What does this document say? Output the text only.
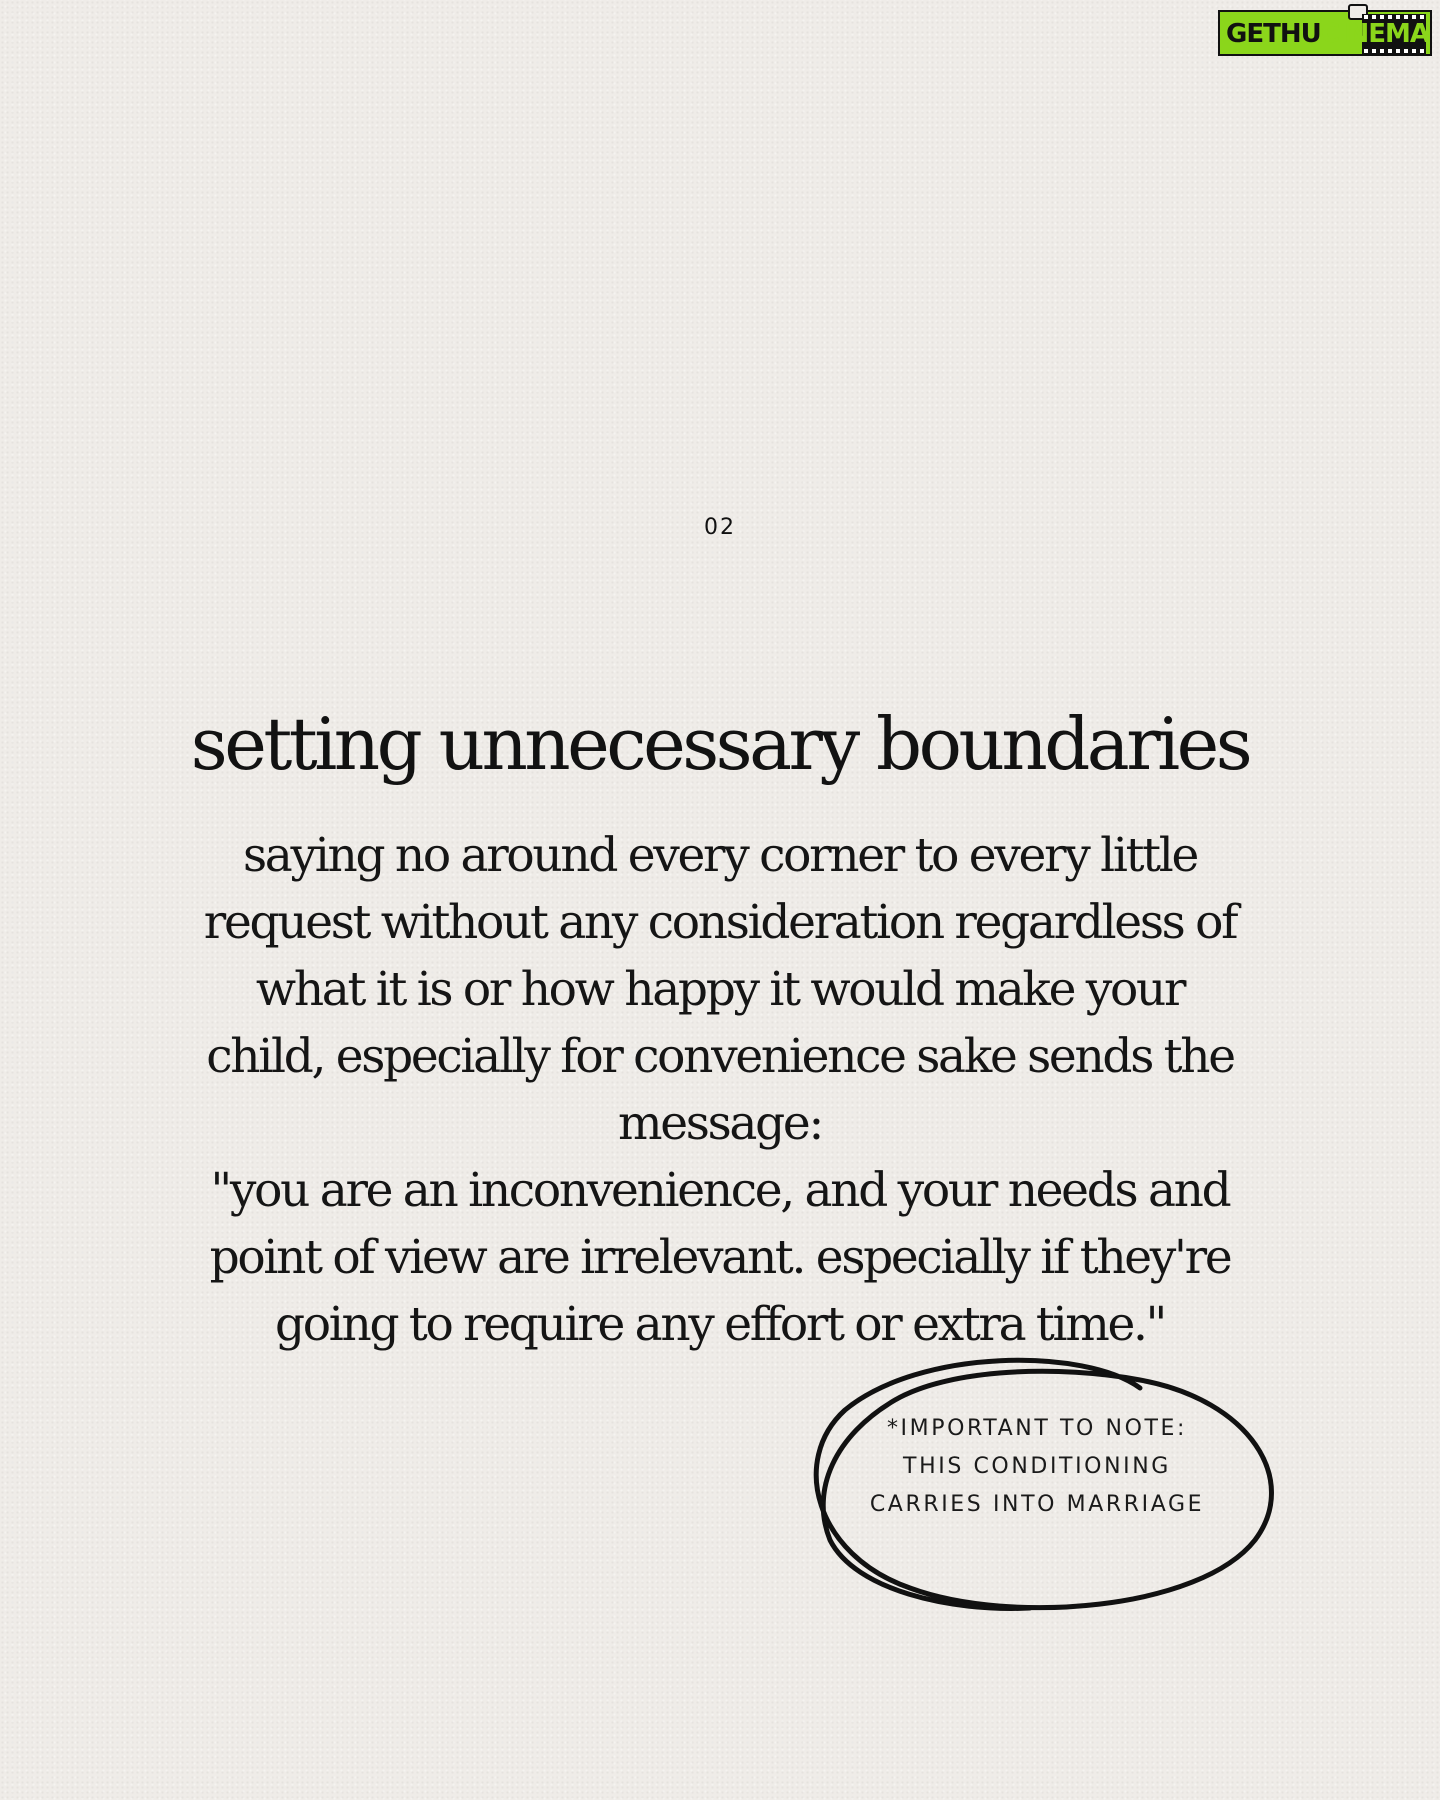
GETHUCINEMA
02
setting unnecessary boundaries
saying no around every corner to every little
request without any consideration regardless of
what it is or how happy it would make your
child, especially for convenience sake sends the
message:
"you are an inconvenience, and your needs and
point of view are irrelevant. especially if they're
going to require any effort or extra time."
*IMPORTANT TO NOTE:
THIS CONDITIONING
CARRIES INTO MARRIAGE
